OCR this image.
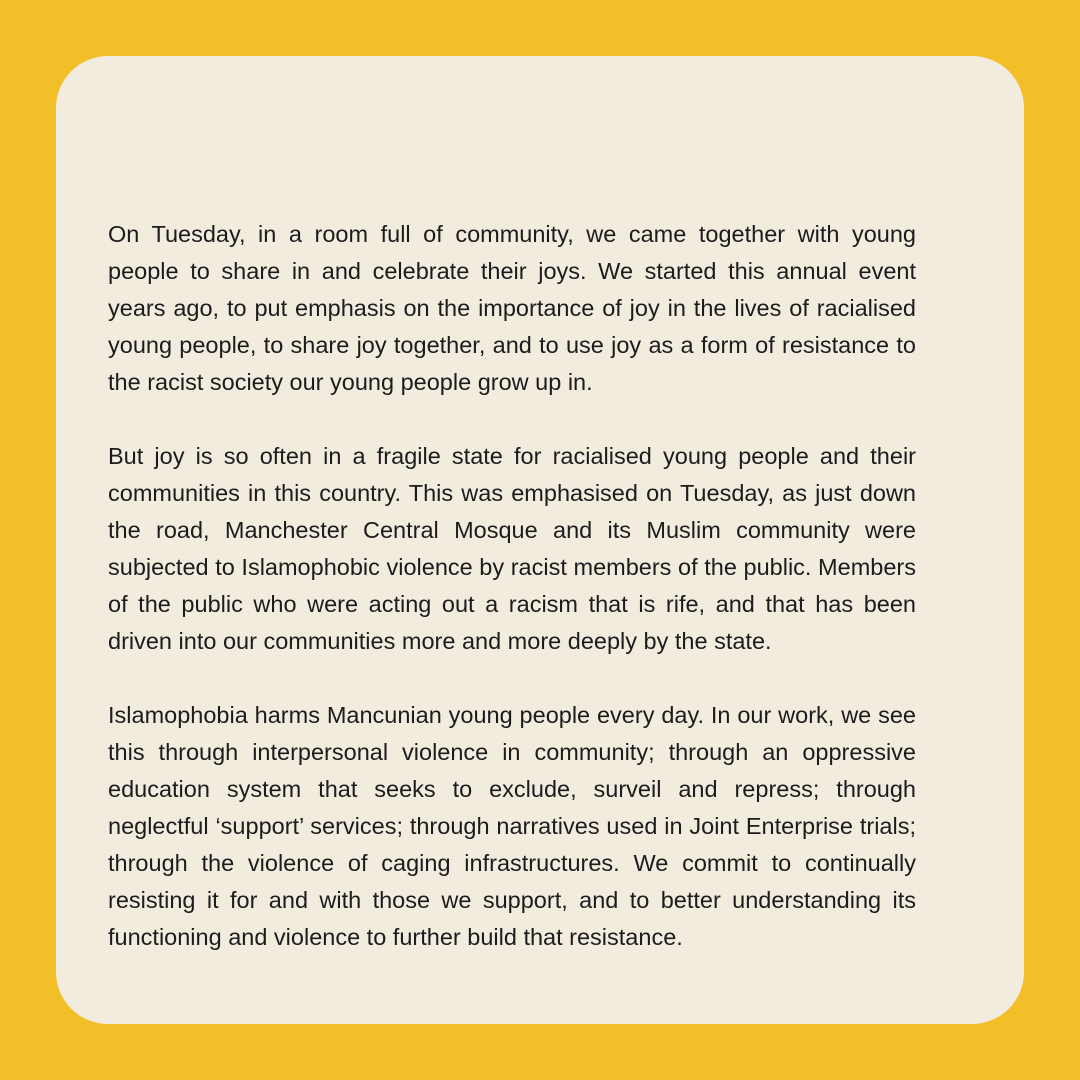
On Tuesday, in a room full of community, we came together with young people to share in and celebrate their joys. We started this annual event years ago, to put emphasis on the importance of joy in the lives of racialised young people, to share joy together, and to use joy as a form of resistance to the racist society our young people grow up in.

But joy is so often in a fragile state for racialised young people and their communities in this country. This was emphasised on Tuesday, as just down the road, Manchester Central Mosque and its Muslim community were subjected to Islamophobic violence by racist members of the public. Members of the public who were acting out a racism that is rife, and that has been driven into our communities more and more deeply by the state.

Islamophobia harms Mancunian young people every day. In our work, we see this through interpersonal violence in community; through an oppressive education system that seeks to exclude, surveil and repress; through neglectful ‘support’ services; through narratives used in Joint Enterprise trials; through the violence of caging infrastructures. We commit to continually resisting it for and with those we support, and to better understanding its functioning and violence to further build that resistance.
